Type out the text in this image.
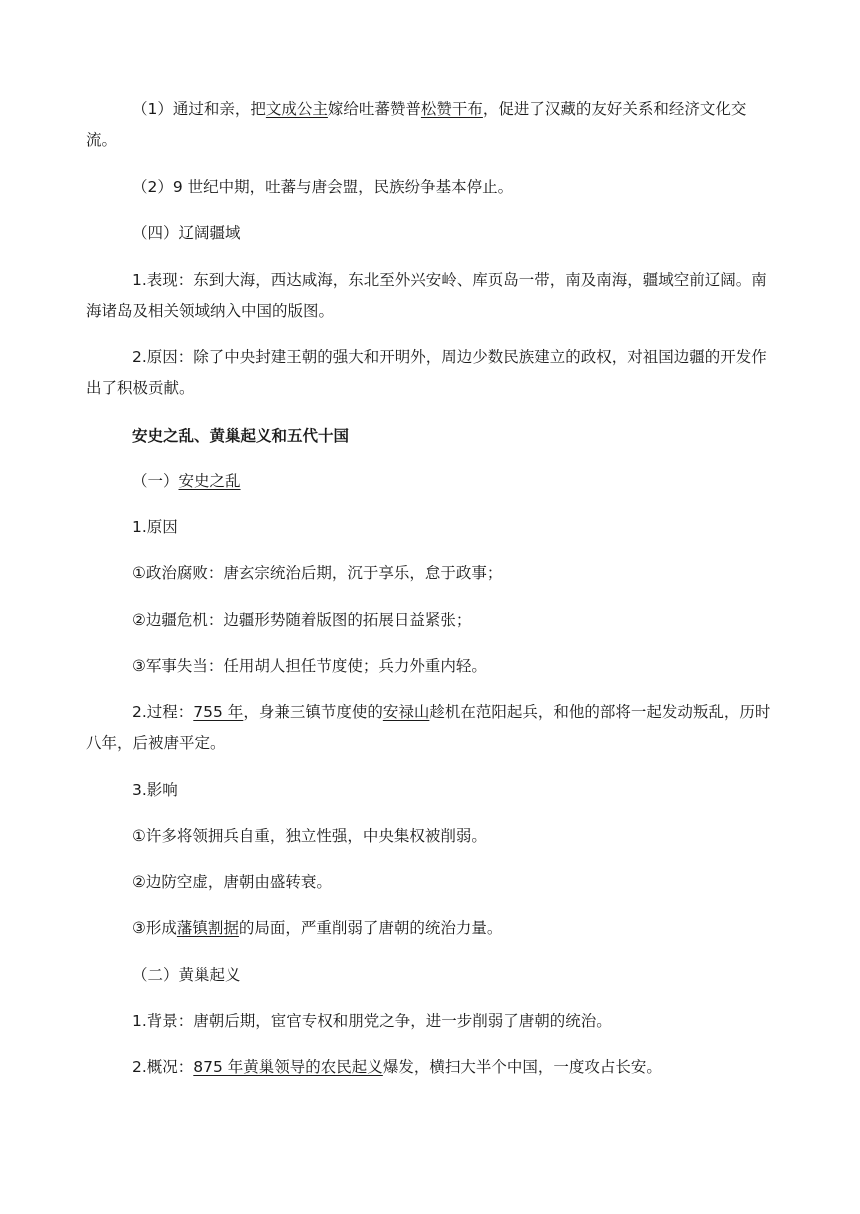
（1）通过和亲，把文成公主嫁给吐蕃赞普松赞干布，促进了汉藏的友好关系和经济文化交流。

（2）9 世纪中期，吐蕃与唐会盟，民族纷争基本停止。

（四）辽阔疆域

1.表现：东到大海，西达咸海，东北至外兴安岭、库页岛一带，南及南海，疆域空前辽阔。南海诸岛及相关领域纳入中国的版图。

2.原因：除了中央封建王朝的强大和开明外，周边少数民族建立的政权，对祖国边疆的开发作出了积极贡献。

安史之乱、黄巢起义和五代十国

（一）安史之乱

1.原因

①政治腐败：唐玄宗统治后期，沉于享乐，怠于政事；

②边疆危机：边疆形势随着版图的拓展日益紧张；

③军事失当：任用胡人担任节度使；兵力外重内轻。

2.过程：755 年，身兼三镇节度使的安禄山趁机在范阳起兵，和他的部将一起发动叛乱，历时八年，后被唐平定。

3.影响

①许多将领拥兵自重，独立性强，中央集权被削弱。

②边防空虚，唐朝由盛转衰。

③形成藩镇割据的局面，严重削弱了唐朝的统治力量。

（二）黄巢起义

1.背景：唐朝后期，宦官专权和朋党之争，进一步削弱了唐朝的统治。

2.概况：875 年黄巢领导的农民起义爆发，横扫大半个中国，一度攻占长安。
